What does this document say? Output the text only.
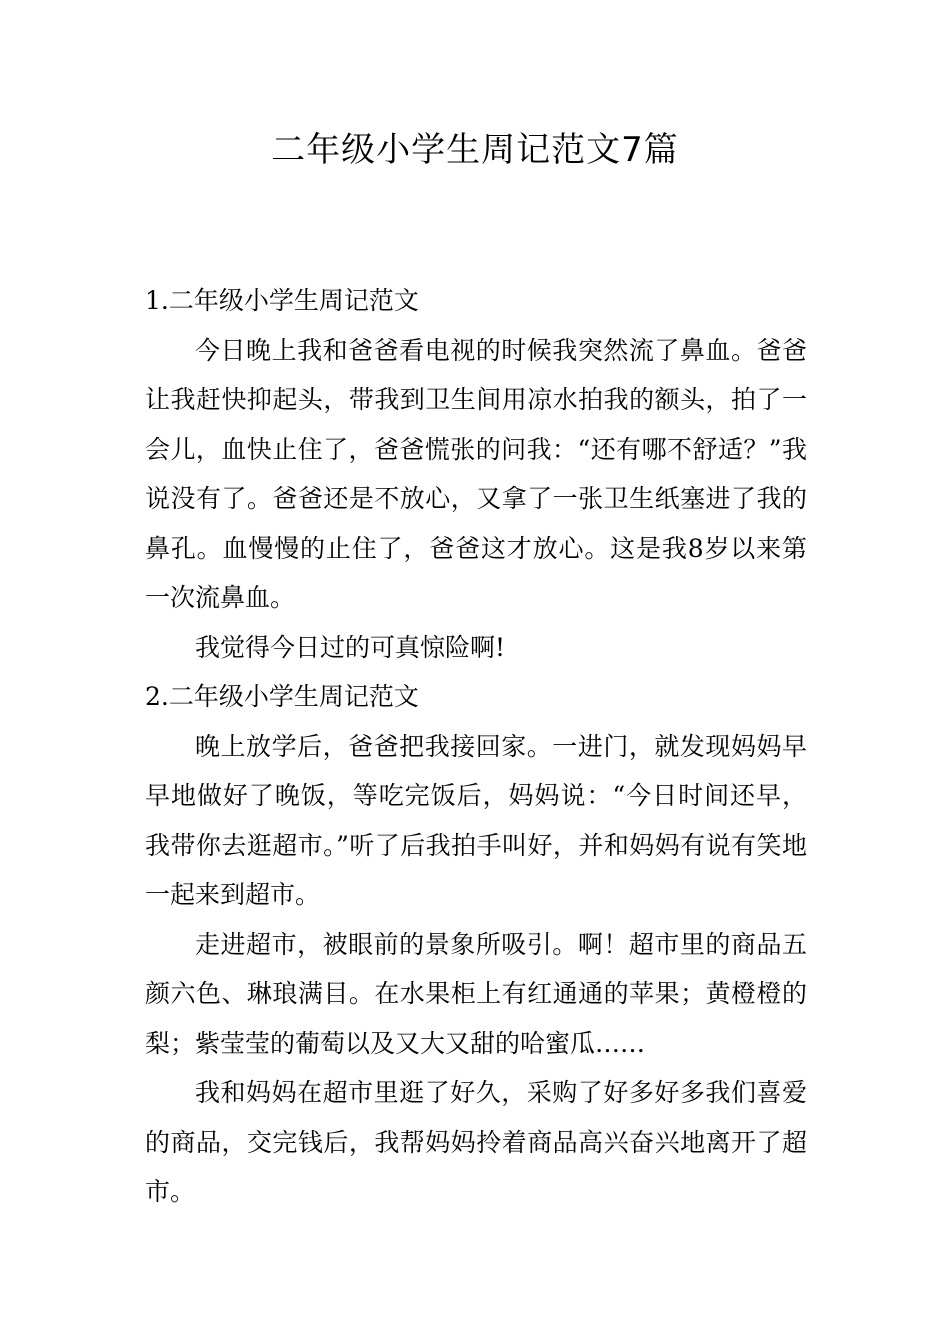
二年级小学生周记范文7篇
1.二年级小学生周记范文

今日晚上我和爸爸看电视的时候我突然流了鼻血。爸爸让我赶快抑起头，带我到卫生间用凉水拍我的额头，拍了一会儿，血快止住了，爸爸慌张的问我：“还有哪不舒适？”我说没有了。爸爸还是不放心，又拿了一张卫生纸塞进了我的鼻孔。血慢慢的止住了，爸爸这才放心。这是我8岁以来第一次流鼻血。

我觉得今日过的可真惊险啊!

2.二年级小学生周记范文

晚上放学后，爸爸把我接回家。一进门，就发现妈妈早早地做好了晚饭，等吃完饭后，妈妈说：“今日时间还早，我带你去逛超市。”听了后我拍手叫好，并和妈妈有说有笑地一起来到超市。

走进超市，被眼前的景象所吸引。啊！超市里的商品五颜六色、琳琅满目。在水果柜上有红通通的苹果；黄橙橙的梨；紫莹莹的葡萄以及又大又甜的哈蜜瓜……

我和妈妈在超市里逛了好久，采购了好多好多我们喜爱的商品，交完钱后，我帮妈妈拎着商品高兴奋兴地离开了超市。
